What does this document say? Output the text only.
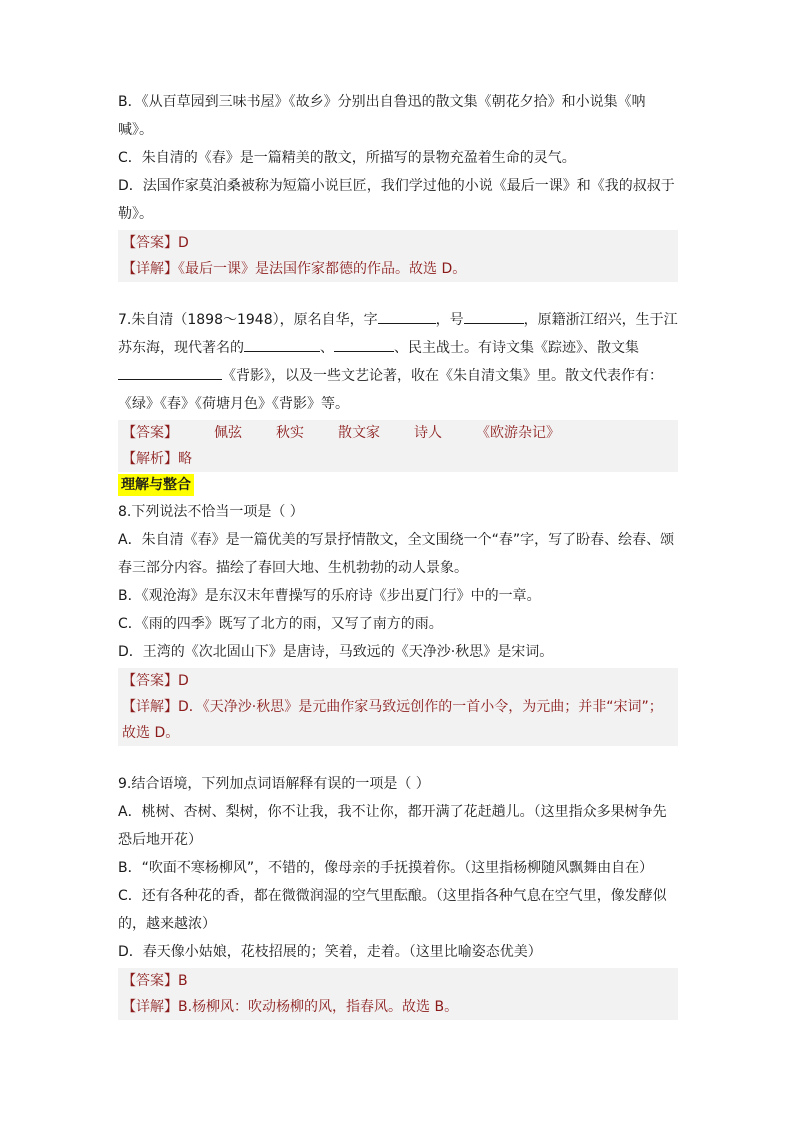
B．《从百草园到三味书屋》《故乡》分别出自鲁迅的散文集《朝花夕拾》和小说集《呐
喊》。
C．朱自清的《春》是一篇精美的散文，所描写的景物充盈着生命的灵气。
D．法国作家莫泊桑被称为短篇小说巨匠，我们学过他的小说《最后一课》和《我的叔叔于
勒》。
【答案】D
【详解】《最后一课》是法国作家都德的作品。故选 D。
7.朱自清（1898～1948），原名自华，字	，号	，原籍浙江绍兴，生于江
苏东海，现代著名的	、	、民主战士。有诗文集《踪迹》、散文集
《背影》，以及一些文艺论著，收在《朱自清文集》里。散文代表作有：
《绿》《春》《荷塘月色》《背影》等。
【答案】	佩弦 秋实 散文家 诗人 《欧游杂记》
【解析】略
理解与整合
8.下列说法不恰当一项是（ ）
A．朱自清《春》是一篇优美的写景抒情散文，全文围绕一个“春”字，写了盼春、绘春、颂
春三部分内容。描绘了春回大地、生机勃勃的动人景象。
B．《观沧海》是东汉末年曹操写的乐府诗《步出夏门行》中的一章。
C．《雨的四季》既写了北方的雨，又写了南方的雨。
D．王湾的《次北固山下》是唐诗，马致远的《天净沙·秋思》是宋词。
【答案】D
【详解】D．《天净沙·秋思》是元曲作家马致远创作的一首小令，为元曲；并非“宋词”；
故选 D。
9.结合语境，下列加点词语解释有误的一项是（ ）
A．桃树、杏树、梨树，你不让我，我不让你，都开满了花赶趟儿。（这里指众多果树争先
恐后地开花）
B．“吹面不寒杨柳风”，不错的，像母亲的手抚摸着你。（这里指杨柳随风飘舞由自在）
C．还有各种花的香，都在微微润湿的空气里酝酿。（这里指各种气息在空气里，像发酵似
的，越来越浓）
D．春天像小姑娘，花枝招展的；笑着，走着。（这里比喻姿态优美）
【答案】B
【详解】B.杨柳风：吹动杨柳的风，指春风。故选 B。
